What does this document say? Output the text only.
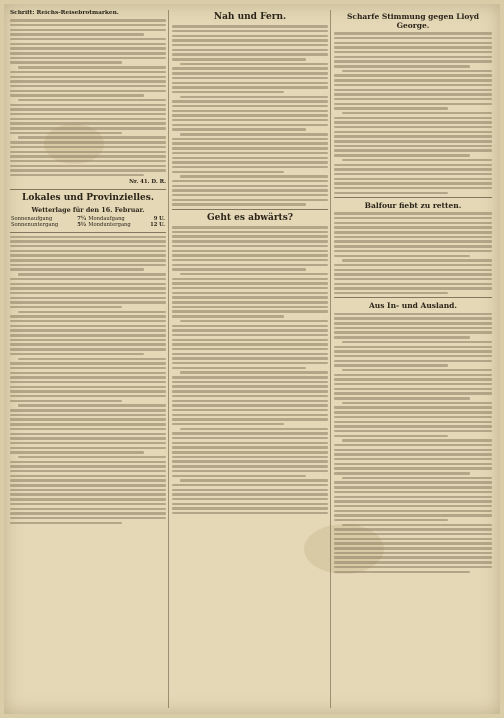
Schrift: Reichs-Reisebrotmarken.
Nr. 41. D. R.
Lokales und Provinzielles.
Wetterlage für den 16. Februar.
Sonnenaufgang	7¼	Mondaufgang	9 U.
Sonnenuntergang	5½	Monduntergang	12 U.
Nah und Fern.
Geht es abwärts?
Scharfe Stimmung gegen Lloyd George.
Balfour fiebt zu retten.
Aus In- und Ausland.
